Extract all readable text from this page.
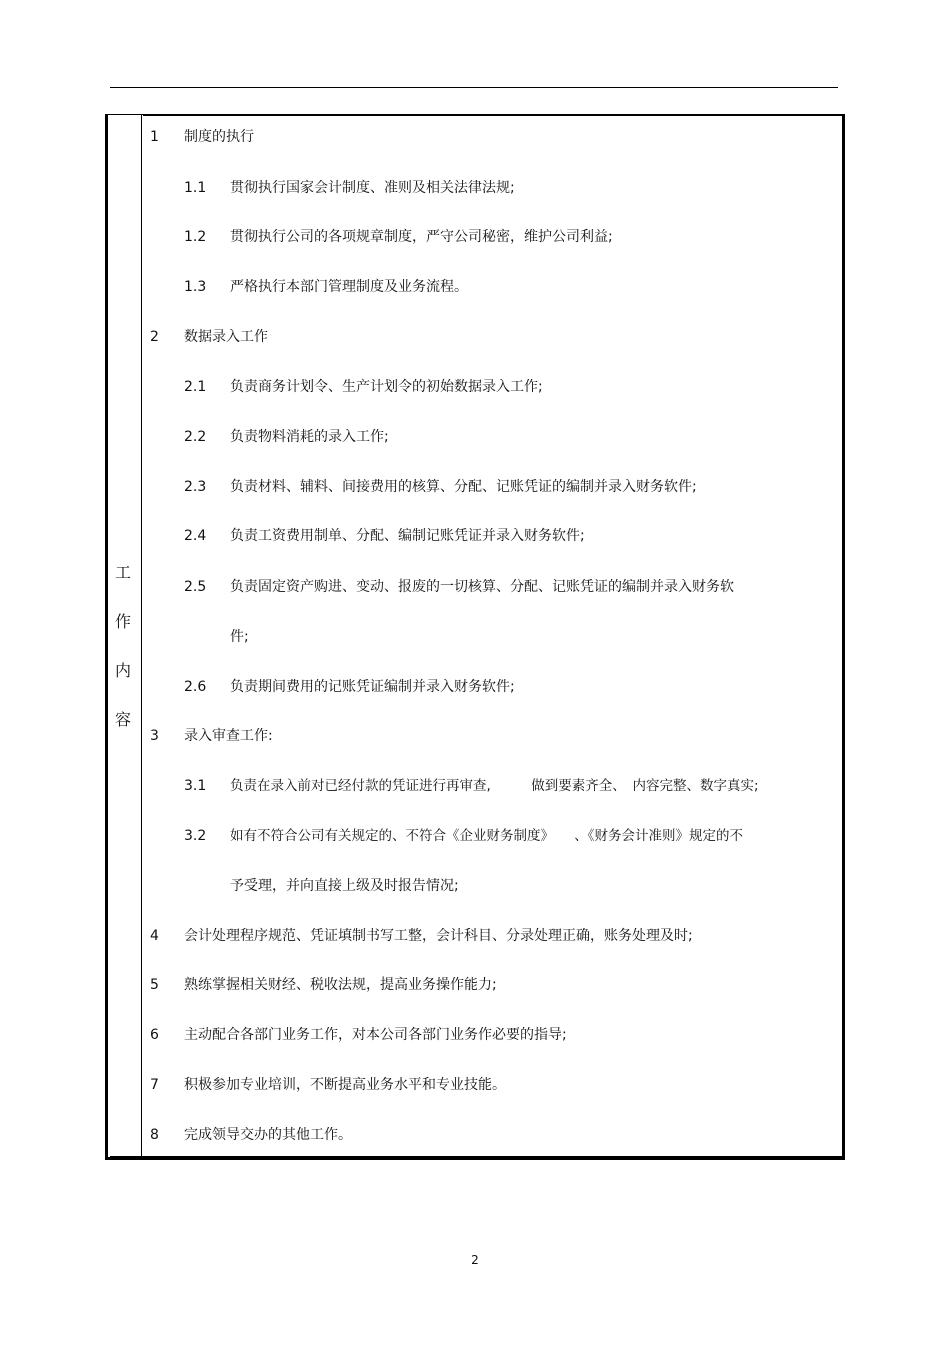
工
作
内
容
1 制度的执行
1.1 贯彻执行国家会计制度、准则及相关法律法规;
1.2 贯彻执行公司的各项规章制度，严守公司秘密，维护公司利益;
1.3 严格执行本部门管理制度及业务流程。
2 数据录入工作
2.1 负责商务计划令、生产计划令的初始数据录入工作;
2.2 负责物料消耗的录入工作;
2.3 负责材料、辅料、间接费用的核算、分配、记账凭证的编制并录入财务软件;
2.4 负责工资费用制单、分配、编制记账凭证并录入财务软件;
2.5 负责固定资产购进、变动、报废的一切核算、分配、记账凭证的编制并录入财务软
件;
2.6 负责期间费用的记账凭证编制并录入财务软件;
3 录入审查工作:
3.1 负责在录入前对已经付款的凭证进行再审查,　　　做到要素齐全、　内容完整、数字真实;
3.2 如有不符合公司有关规定的、不符合《企业财务制度》　　、《财务会计准则》规定的不
予受理，并向直接上级及时报告情况;
4 会计处理程序规范、凭证填制书写工整，会计科目、分录处理正确，账务处理及时;
5 熟练掌握相关财经、税收法规，提高业务操作能力;
6 主动配合各部门业务工作，对本公司各部门业务作必要的指导;
7 积极参加专业培训，不断提高业务水平和专业技能。
8 完成领导交办的其他工作。
2
